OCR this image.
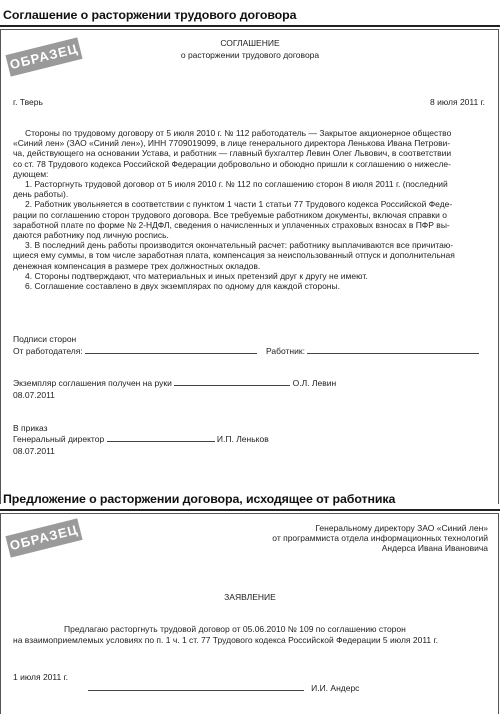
Соглашение о расторжении трудового договора
ОБРАЗЕЦ	СОГЛАШЕНИЕ
о расторжении трудового договора
г. Тверь	8 июля 2011 г.
Стороны по трудовому договору от 5 июля 2010 г. № 112 работодатель — Закрытое акционерное общество
«Синий лен» (ЗАО «Синий лен»), ИНН 7709019099, в лице генерального директора Ленькова Ивана Петрови-
ча, действующего на основании Устава, и работник — главный бухгалтер Левин Олег Львович, в соответствии
со ст. 78 Трудового кодекса Российской Федерации добровольно и обоюдно пришли к соглашению о нижесле-
дующем:
1. Расторгнуть трудовой договор от 5 июля 2010 г. № 112 по соглашению сторон 8 июля 2011 г. (последний
день работы).
2. Работник увольняется в соответствии с пунктом 1 части 1 статьи 77 Трудового кодекса Российской Феде-
рации по соглашению сторон трудового договора. Все требуемые работником документы, включая справки о
заработной плате по форме № 2-НДФЛ, сведения о начисленных и уплаченных страховых взносах в ПФР вы-
даются работнику под личную роспись.
3. В последний день работы производится окончательный расчет: работнику выплачиваются все причитаю-
щиеся ему суммы, в том числе заработная плата, компенсация за неиспользованный отпуск и дополнительная
денежная компенсация в размере трех должностных окладов.
4. Стороны подтверждают, что материальных и иных претензий друг к другу не имеют.
6. Соглашение составлено в двух экземплярах по одному для каждой стороны.
Подписи сторон
От работодателя:	Работник:
Экземпляр соглашения получен на руки	О.Л. Левин
08.07.2011
В приказ
Генеральный директор	И.П. Леньков
08.07.2011
Предложение о расторжении договора, исходящее от работника
ОБРАЗЕЦ	Генеральному директору ЗАО «Синий лен»
от программиста отдела информационных технологий
Андерса Ивана Ивановича
ЗАЯВЛЕНИЕ
Предлагаю расторгнуть трудовой договор от 05.06.2010 № 109 по соглашению сторон
на взаимоприемлемых условиях по п. 1 ч. 1 ст. 77 Трудового кодекса Российской Федерации 5 июля 2011 г.
1 июля 2011 г.
И.И. Андерс
